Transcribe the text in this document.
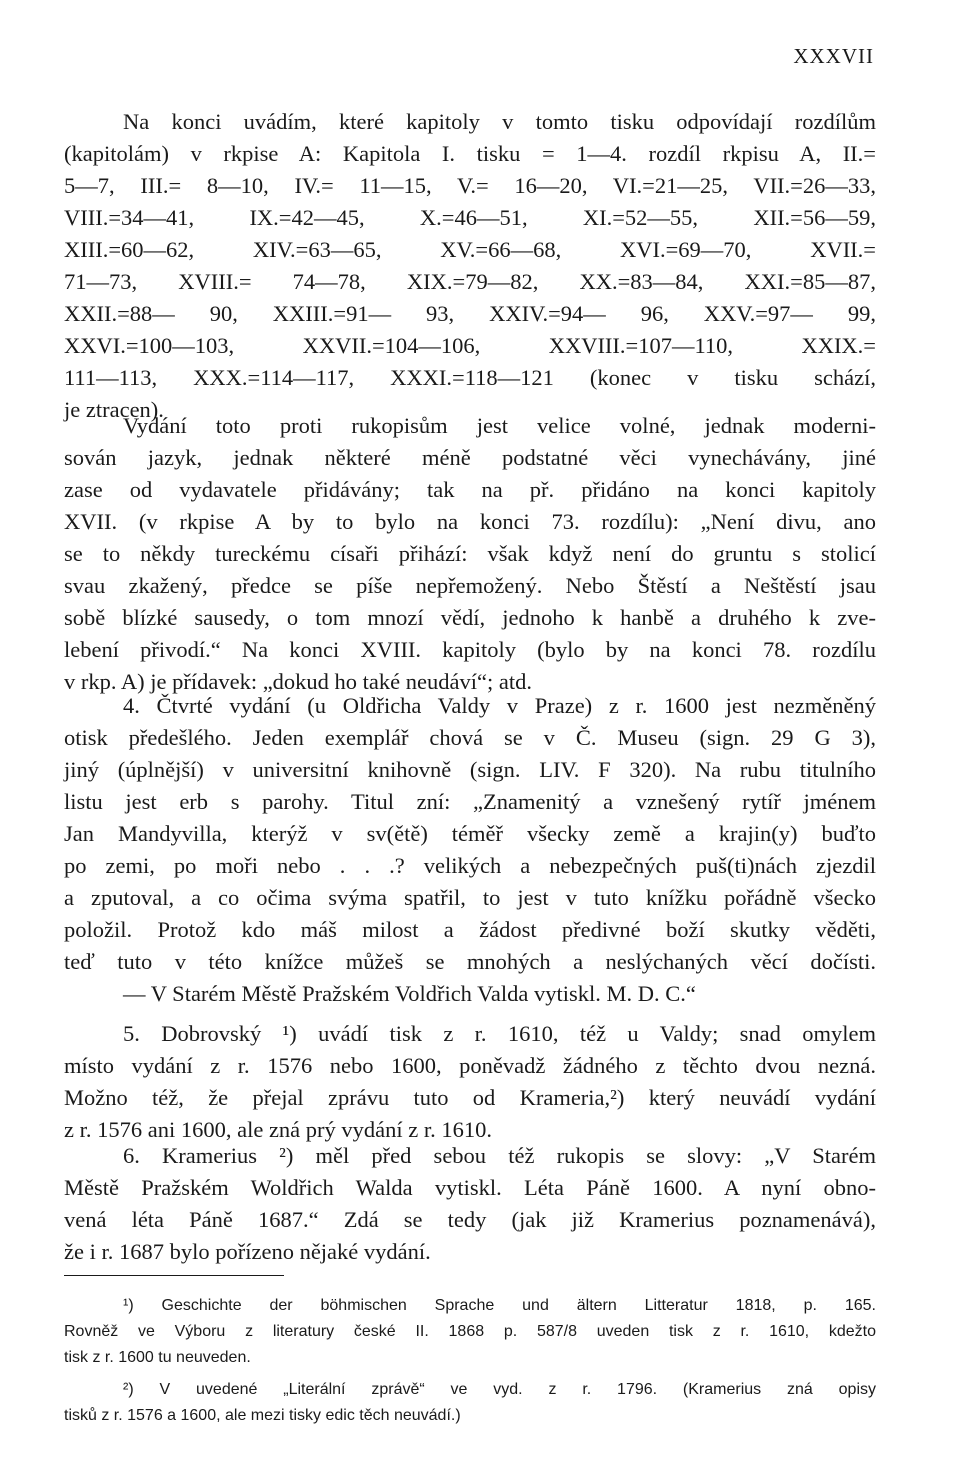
XXXVII
Na konci uvádím, které kapitoly v tomto tisku odpovídají rozdílům
(kapitolám) v rkpise A: Kapitola I. tisku = 1—4. rozdíl rkpisu A, II.=
5—7, III.= 8—10, IV.= 11—15, V.= 16—20, VI.=21—25, VII.=26—33,
VIII.=34—41, IX.=42—45, X.=46—51, XI.=52—55, XII.=56—59,
XIII.=60—62, XIV.=63—65, XV.=66—68, XVI.=69—70, XVII.=
71—73, XVIII.= 74—78, XIX.=79—82, XX.=83—84, XXI.=85—87,
XXII.=88— 90, XXIII.=91— 93, XXIV.=94— 96, XXV.=97— 99,
XXVI.=100—103, XXVII.=104—106, XXVIII.=107—110, XXIX.=
111—113, XXX.=114—117, XXXI.=118—121 (konec v tisku schází,
je ztracen).
Vydání toto proti rukopisům jest velice volné, jednak moderni-
sován jazyk, jednak některé méně podstatné věci vynechávány, jiné
zase od vydavatele přidávány; tak na př. přidáno na konci kapitoly
XVII. (v rkpise A by to bylo na konci 73. rozdílu): „Není divu, ano
se to někdy tureckému císaři přihází: však když není do gruntu s stolicí
svau zkažený, předce se píše nepřemožený. Nebo Štěstí a Neštěstí jsau
sobě blízké sausedy, o tom mnozí vědí, jednoho k hanbě a druhého k zve-
lebení přivodí.“ Na konci XVIII. kapitoly (bylo by na konci 78. rozdílu
v rkp. A) je přídavek: „dokud ho také neudáví“; atd.
4. Čtvrté vydání (u Oldřicha Valdy v Praze) z r. 1600 jest nezměněný
otisk předešlého. Jeden exemplář chová se v Č. Museu (sign. 29 G 3),
jiný (úplnější) v universitní knihovně (sign. LIV. F 320). Na rubu titulního
listu jest erb s parohy. Titul zní: „Znamenitý a vznešený rytíř jménem
Jan Mandyvilla, kterýž v sv(ětě) téměř všecky země a krajin(y) buďto
po zemi, po moři nebo . . .? velikých a nebezpečných puš(ti)nách zjezdil
a zputoval, a co očima svýma spatřil, to jest v tuto knížku pořádně všecko
položil. Protož kdo máš milost a žádost předivné boží skutky věděti,
teď tuto v této knížce můžeš se mnohých a neslýchaných věcí dočísti.
— V Starém Městě Pražském Voldřich Valda vytiskl. M. D. C.“
5. Dobrovský ¹) uvádí tisk z r. 1610, též u Valdy; snad omylem
místo vydání z r. 1576 nebo 1600, poněvadž žádného z těchto dvou nezná.
Možno též, že přejal zprávu tuto od Krameria,²) který neuvádí vydání
z r. 1576 ani 1600, ale zná prý vydání z r. 1610.
6. Kramerius ²) měl před sebou též rukopis se slovy: „V Starém
Městě Pražském Woldřich Walda vytiskl. Léta Páně 1600. A nyní obno-
vená léta Páně 1687.“ Zdá se tedy (jak již Kramerius poznamenává),
že i r. 1687 bylo pořízeno nějaké vydání.
¹) Geschichte der böhmischen Sprache und ältern Litteratur 1818, p. 165.
Rovněž ve Výboru z literatury české II. 1868 p. 587/8 uveden tisk z r. 1610, kdežto
tisk z r. 1600 tu neuveden.
²) V uvedené „Literální zprávě“ ve vyd. z r. 1796. (Kramerius zná opisy
tisků z r. 1576 a 1600, ale mezi tisky edic těch neuvádí.)
